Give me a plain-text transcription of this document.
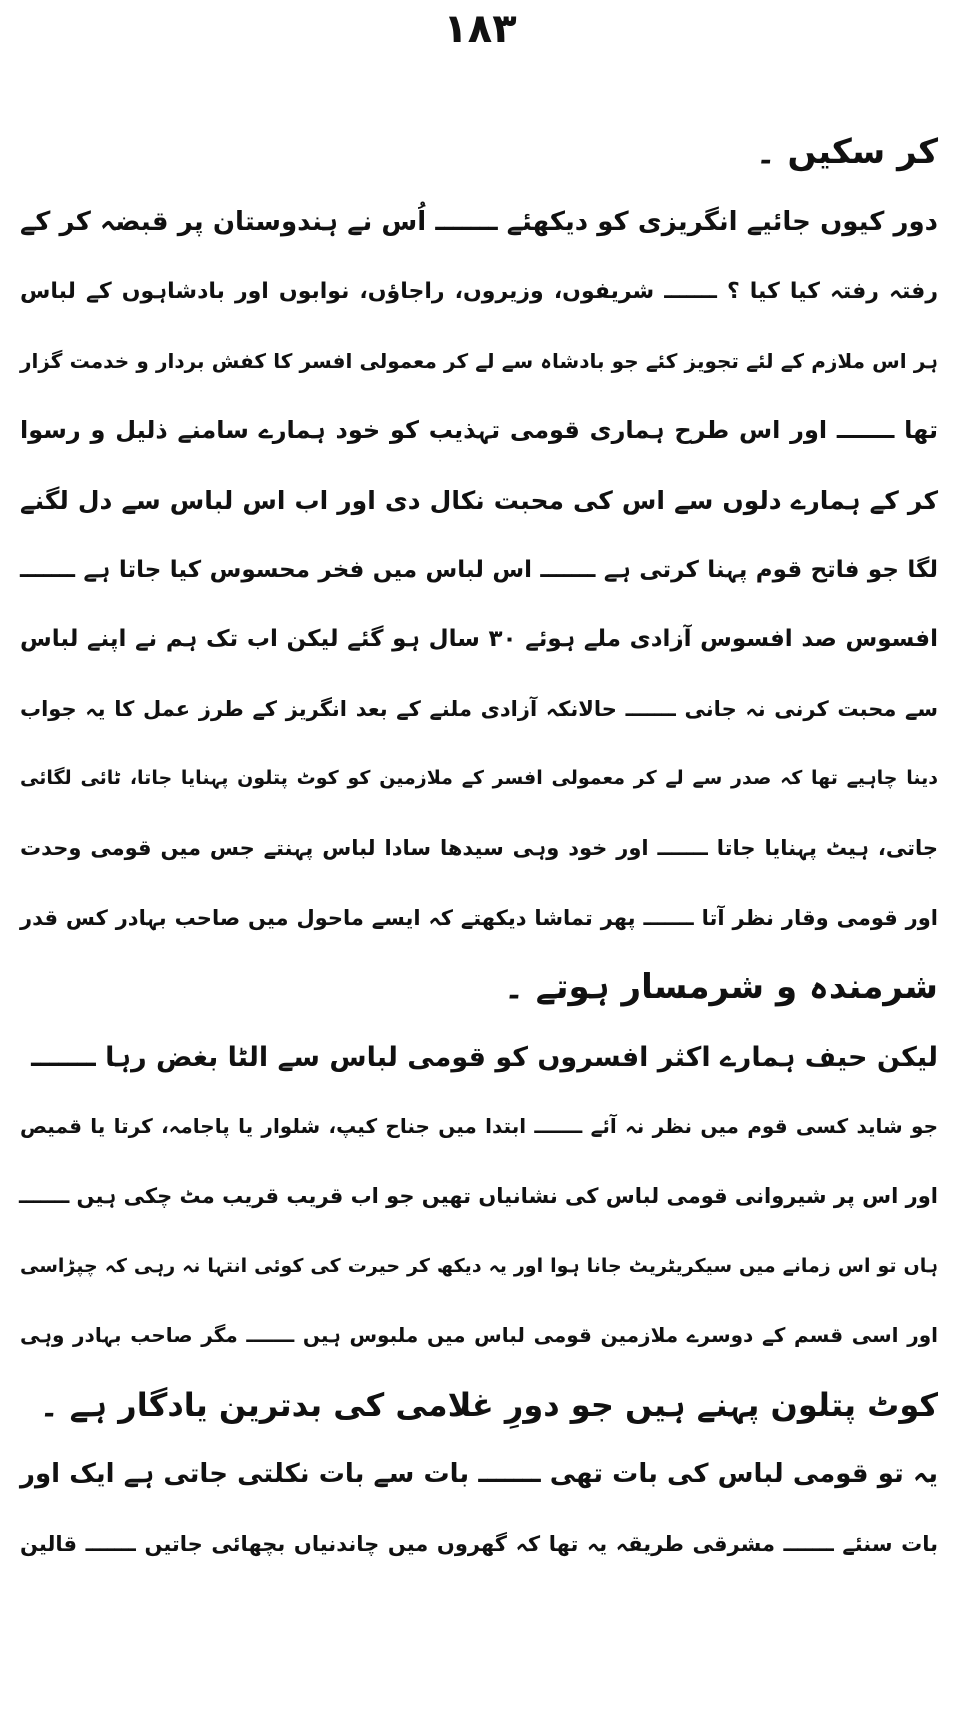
۱۸۳
کر سکیں ۔
دور کیوں جائیے انگریزی کو دیکھئے ـــــــ اُس نے ہندوستان پر قبضہ کر کے
رفتہ رفتہ کیا کیا ؟ ـــــــ شریفوں، وزیروں، راجاؤں، نوابوں اور بادشاہوں کے لباس
ہر اس ملازم کے لئے تجویز کئے جو بادشاہ سے لے کر معمولی افسر کا کفش بردار و خدمت گزار
تھا ـــــــ اور اس طرح ہماری قومی تہذیب کو خود ہمارے سامنے ذلیل و رسوا
کر کے ہمارے دلوں سے اس کی محبت نکال دی اور اب اس لباس سے دل لگنے
لگا جو فاتح قوم پہنا کرتی ہے ـــــــ اس لباس میں فخر محسوس کیا جاتا ہے ـــــــ
افسوس صد افسوس آزادی ملے ہوئے ۳۰ سال ہو گئے لیکن اب تک ہم نے اپنے لباس
سے محبت کرنی نہ جانی ـــــــ حالانکہ آزادی ملنے کے بعد انگریز کے طرز عمل کا یہ جواب
دینا چاہیے تھا کہ صدر سے لے کر معمولی افسر کے ملازمین کو کوٹ پتلون پہنایا جاتا، ٹائی لگائی
جاتی، ہیٹ پہنایا جاتا ـــــــ اور خود وہی سیدھا سادا لباس پہنتے جس میں قومی وحدت
اور قومی وقار نظر آتا ـــــــ پھر تماشا دیکھتے کہ ایسے ماحول میں صاحب بہادر کس قدر
شرمندہ و شرمسار ہوتے ۔
لیکن حیف ہمارے اکثر افسروں کو قومی لباس سے الٹا بغض رہا ـــــــ
جو شاید کسی قوم میں نظر نہ آئے ـــــــ ابتدا میں جناح کیپ، شلوار یا پاجامہ، کرتا یا قمیص
اور اس پر شیروانی قومی لباس کی نشانیاں تھیں جو اب قریب قریب مٹ چکی ہیں ـــــــ
ہاں تو اس زمانے میں سیکریٹریٹ جانا ہوا اور یہ دیکھ کر حیرت کی کوئی انتہا نہ رہی کہ چپڑاسی
اور اسی قسم کے دوسرے ملازمین قومی لباس میں ملبوس ہیں ـــــــ مگر صاحب بہادر وہی
کوٹ پتلون پہنے ہیں جو دورِ غلامی کی بدترین یادگار ہے ۔
یہ تو قومی لباس کی بات تھی ـــــــ بات سے بات نکلتی جاتی ہے ایک اور
بات سنئے ـــــــ مشرقی طریقہ یہ تھا کہ گھروں میں چاندنیاں بچھائی جاتیں ـــــــ قالین
